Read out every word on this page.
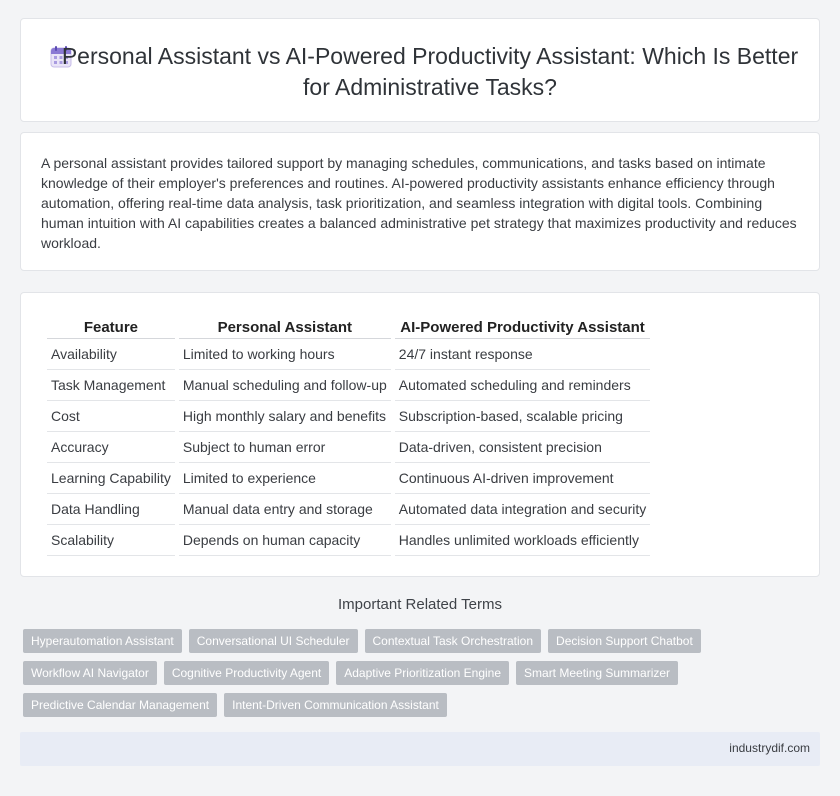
Personal Assistant vs AI-Powered Productivity Assistant: Which Is Better for Administrative Tasks?

A personal assistant provides tailored support by managing schedules, communications, and tasks based on intimate knowledge of their employer's preferences and routines. AI-powered productivity assistants enhance efficiency through automation, offering real-time data analysis, task prioritization, and seamless integration with digital tools. Combining human intuition with AI capabilities creates a balanced administrative pet strategy that maximizes productivity and reduces workload.

Feature	Personal Assistant	AI-Powered Productivity Assistant
Availability	Limited to working hours	24/7 instant response
Task Management	Manual scheduling and follow-up	Automated scheduling and reminders
Cost	High monthly salary and benefits	Subscription-based, scalable pricing
Accuracy	Subject to human error	Data-driven, consistent precision
Learning Capability	Limited to experience	Continuous AI-driven improvement
Data Handling	Manual data entry and storage	Automated data integration and security
Scalability	Depends on human capacity	Handles unlimited workloads efficiently
Important Related Terms
Hyperautomation Assistant	Conversational UI Scheduler	Contextual Task Orchestration	Decision Support Chatbot
Workflow AI Navigator	Cognitive Productivity Agent	Adaptive Prioritization Engine	Smart Meeting Summarizer
Predictive Calendar Management	Intent-Driven Communication Assistant
industrydif.com
